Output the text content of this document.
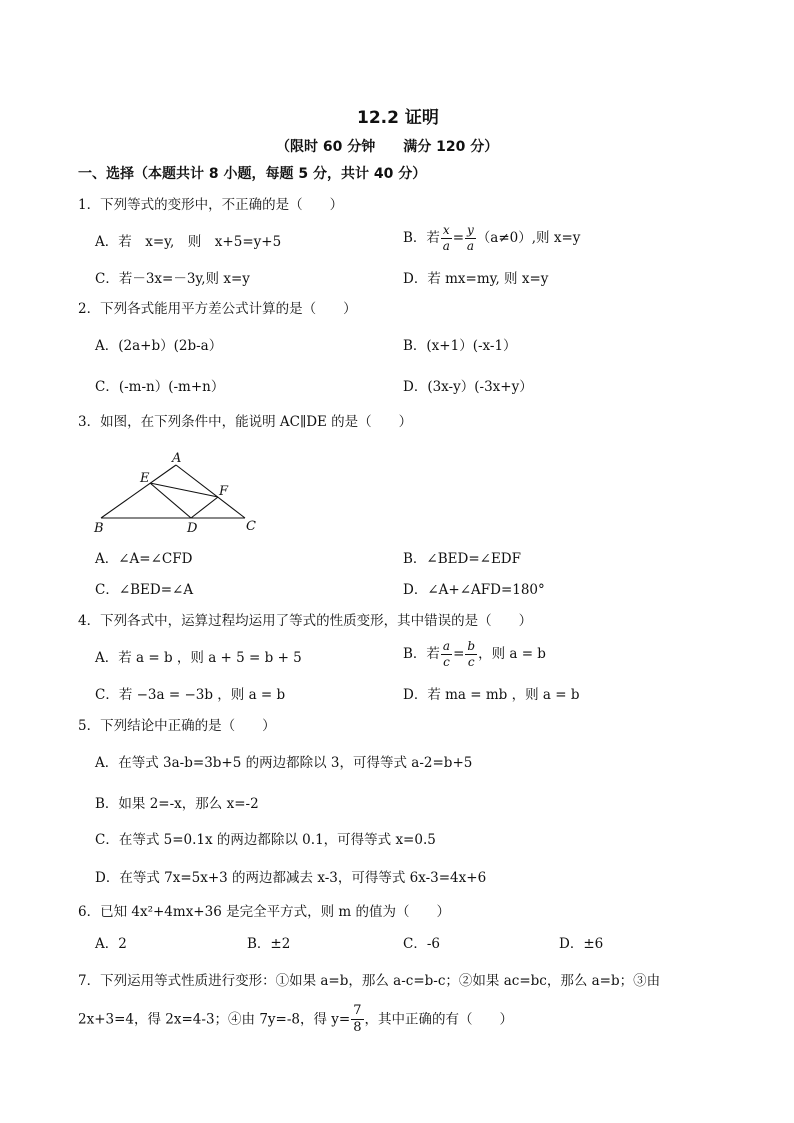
12.2 证明
（限时 60 分钟　　满分 120 分）
一、选择（本题共计 8 小题，每题 5 分，共计 40 分）
1．下列等式的变形中，不正确的是（　　）
A．若　x=y,　则　x+5=y+5	B．若 $\frac{x}{a} = \frac{y}{a} (a\ne 0)$,则 x=y
C．若－3x=－3y,则 x=y	D．若 mx=my, 则 x=y
2．下列各式能用平方差公式计算的是（　　）
A．(2a+b）(2b-a）	B．(x+1）(-x-1）
C．(-m-n）(-m+n）	D．(3x-y）(-3x+y）
3．如图，在下列条件中，能说明 AC∥DE 的是（　　）
A
E
F
B	D	C
A．∠A=∠CFD	B．∠BED=∠EDF
C．∠BED=∠A	D．∠A+∠AFD=180°
4．下列各式中，运算过程均运用了等式的性质变形，其中错误的是（　　）
A．若 a = b ，则 a + 5 = b + 5	B．若 $\frac{a}{c} = \frac{b}{c}$ ，则 a = b
C．若 −3a = −3b ，则 a = b	D．若 ma = mb ，则 a = b
5．下列结论中正确的是（　　）
A．在等式 3a-b=3b+5 的两边都除以 3，可得等式 a-2=b+5
B．如果 2=-x，那么 x=-2
C．在等式 5=0.1x 的两边都除以 0.1，可得等式 x=0.5
D．在等式 7x=5x+3 的两边都减去 x-3，可得等式 6x-3=4x+6
6．已知 4x²+4mx+36 是完全平方式，则 m 的值为（　　）
A．2	B．±2	C．-6	D．±6
7．下列运用等式性质进行变形：①如果 a=b，那么 a-c=b-c；②如果 ac=bc，那么 a=b；③由
2x+3=4，得 2x=4-3；④由 7y=-8，得 $y= \frac{7}{8}$ ，其中正确的有（　　）
